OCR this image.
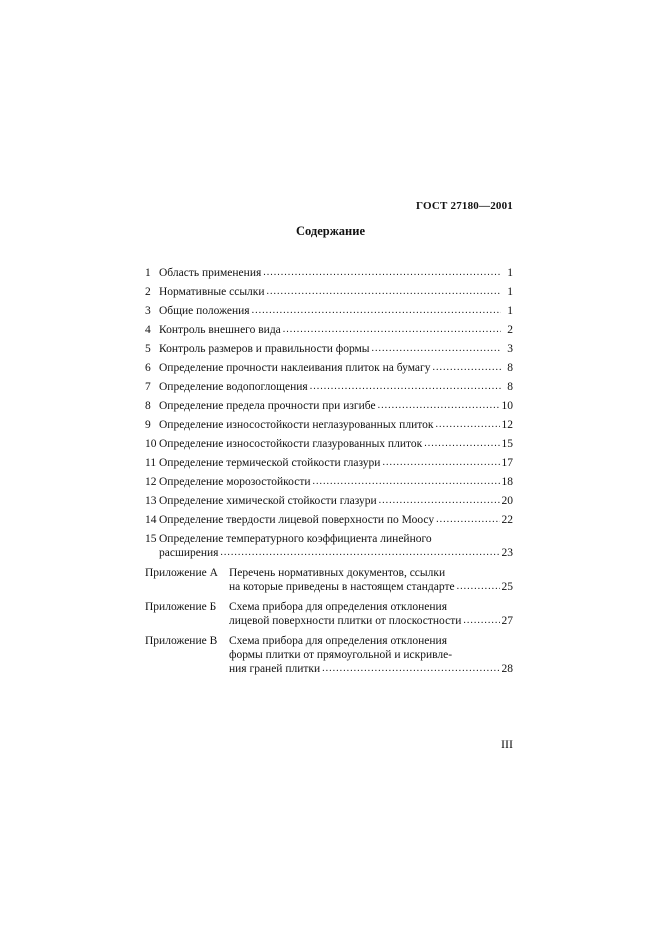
ГОСТ 27180—2001
Содержание
1 Область применения .....	1
2 Нормативные ссылки .....	1
3 Общие положения .....	1
4 Контроль внешнего вида .....	2
5 Контроль размеров и правильности формы .....	3
6 Определение прочности наклеивания плиток на бумагу .....	8
7 Определение водопоглощения .....	8
8 Определение предела прочности при изгибе .....	10
9 Определение износостойкости неглазурованных плиток .....	12
10 Определение износостойкости глазурованных плиток .....	15
11 Определение термической стойкости глазури .....	17
12 Определение морозостойкости .....	18
13 Определение химической стойкости глазури .....	20
14 Определение твердости лицевой поверхности по Моосу .....	22
15 Определение температурного коэффициента линейного
расширения .....	23
Приложение А Перечень нормативных документов, ссылки
на которые приведены в настоящем стандарте .....	25
Приложение Б	Схема прибора для определения отклонения
лицевой поверхности плитки от плоскостности .....	27
Приложение В	Схема прибора для определения отклонения
формы плитки от прямоугольной и искривле-
ния граней плитки .....	28
III
